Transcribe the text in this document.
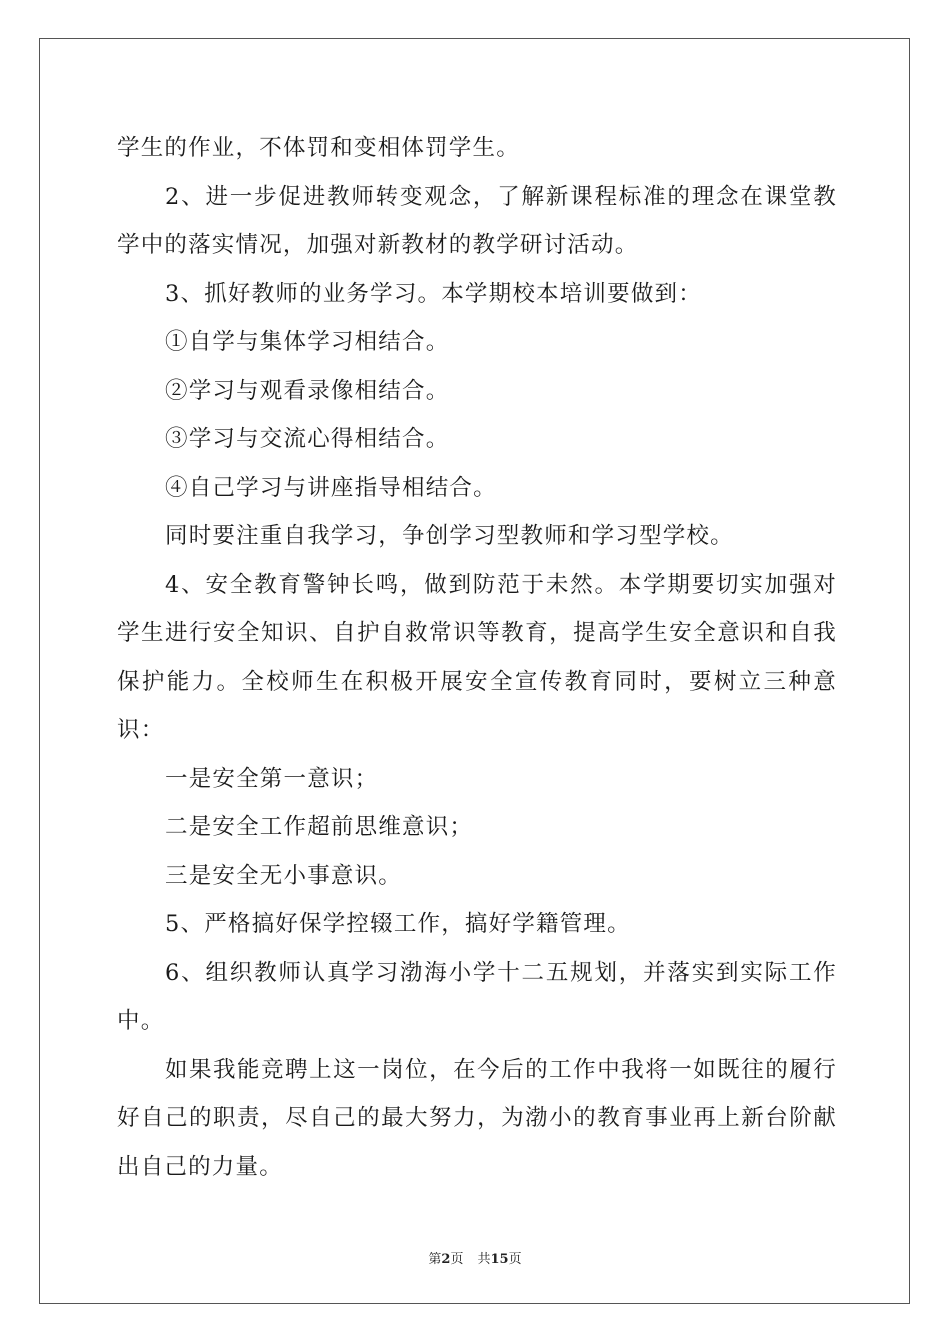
学生的作业，不体罚和变相体罚学生。

2、进一步促进教师转变观念，了解新课程标准的理念在课堂教学中的落实情况，加强对新教材的教学研讨活动。

3、抓好教师的业务学习。本学期校本培训要做到：

①自学与集体学习相结合。

②学习与观看录像相结合。

③学习与交流心得相结合。

④自己学习与讲座指导相结合。

同时要注重自我学习，争创学习型教师和学习型学校。

4、安全教育警钟长鸣，做到防范于未然。本学期要切实加强对学生进行安全知识、自护自救常识等教育，提高学生安全意识和自我保护能力。全校师生在积极开展安全宣传教育同时，要树立三种意识：

一是安全第一意识；

二是安全工作超前思维意识；

三是安全无小事意识。

5、严格搞好保学控辍工作，搞好学籍管理。

6、组织教师认真学习渤海小学十二五规划，并落实到实际工作中。

如果我能竞聘上这一岗位，在今后的工作中我将一如既往的履行好自己的职责，尽自己的最大努力，为渤小的教育事业再上新台阶献出自己的力量。

第2页 共15页
